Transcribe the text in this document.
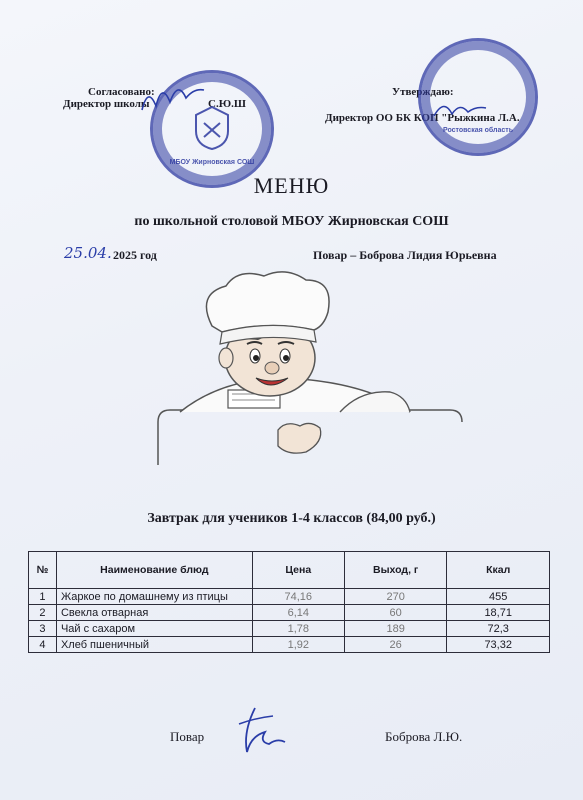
Согласовано:
Директор школы	С.Ю.Ш
МБОУ Жирновская СОШ
Утверждаю:
Директор ОО БК КОП "Рыжкина Л.А.
Ростовская область
МЕНЮ
по школьной столовой МБОУ Жирновская СОШ
25.04. 2025 год	Повар – Боброва Лидия Юрьевна
Завтрак для учеников 1-4 классов (84,00 руб.)
№	Наименование блюд	Цена	Выход, г	Ккал
1	Жаркое по домашнему из птицы	74,16	270	455
2	Свекла отварная	6,14	60	18,71
3	Чай с сахаром	1,78	189	72,3
4	Хлеб пшеничный	1,92	26	73,32
Повар	Боброва Л.Ю.
